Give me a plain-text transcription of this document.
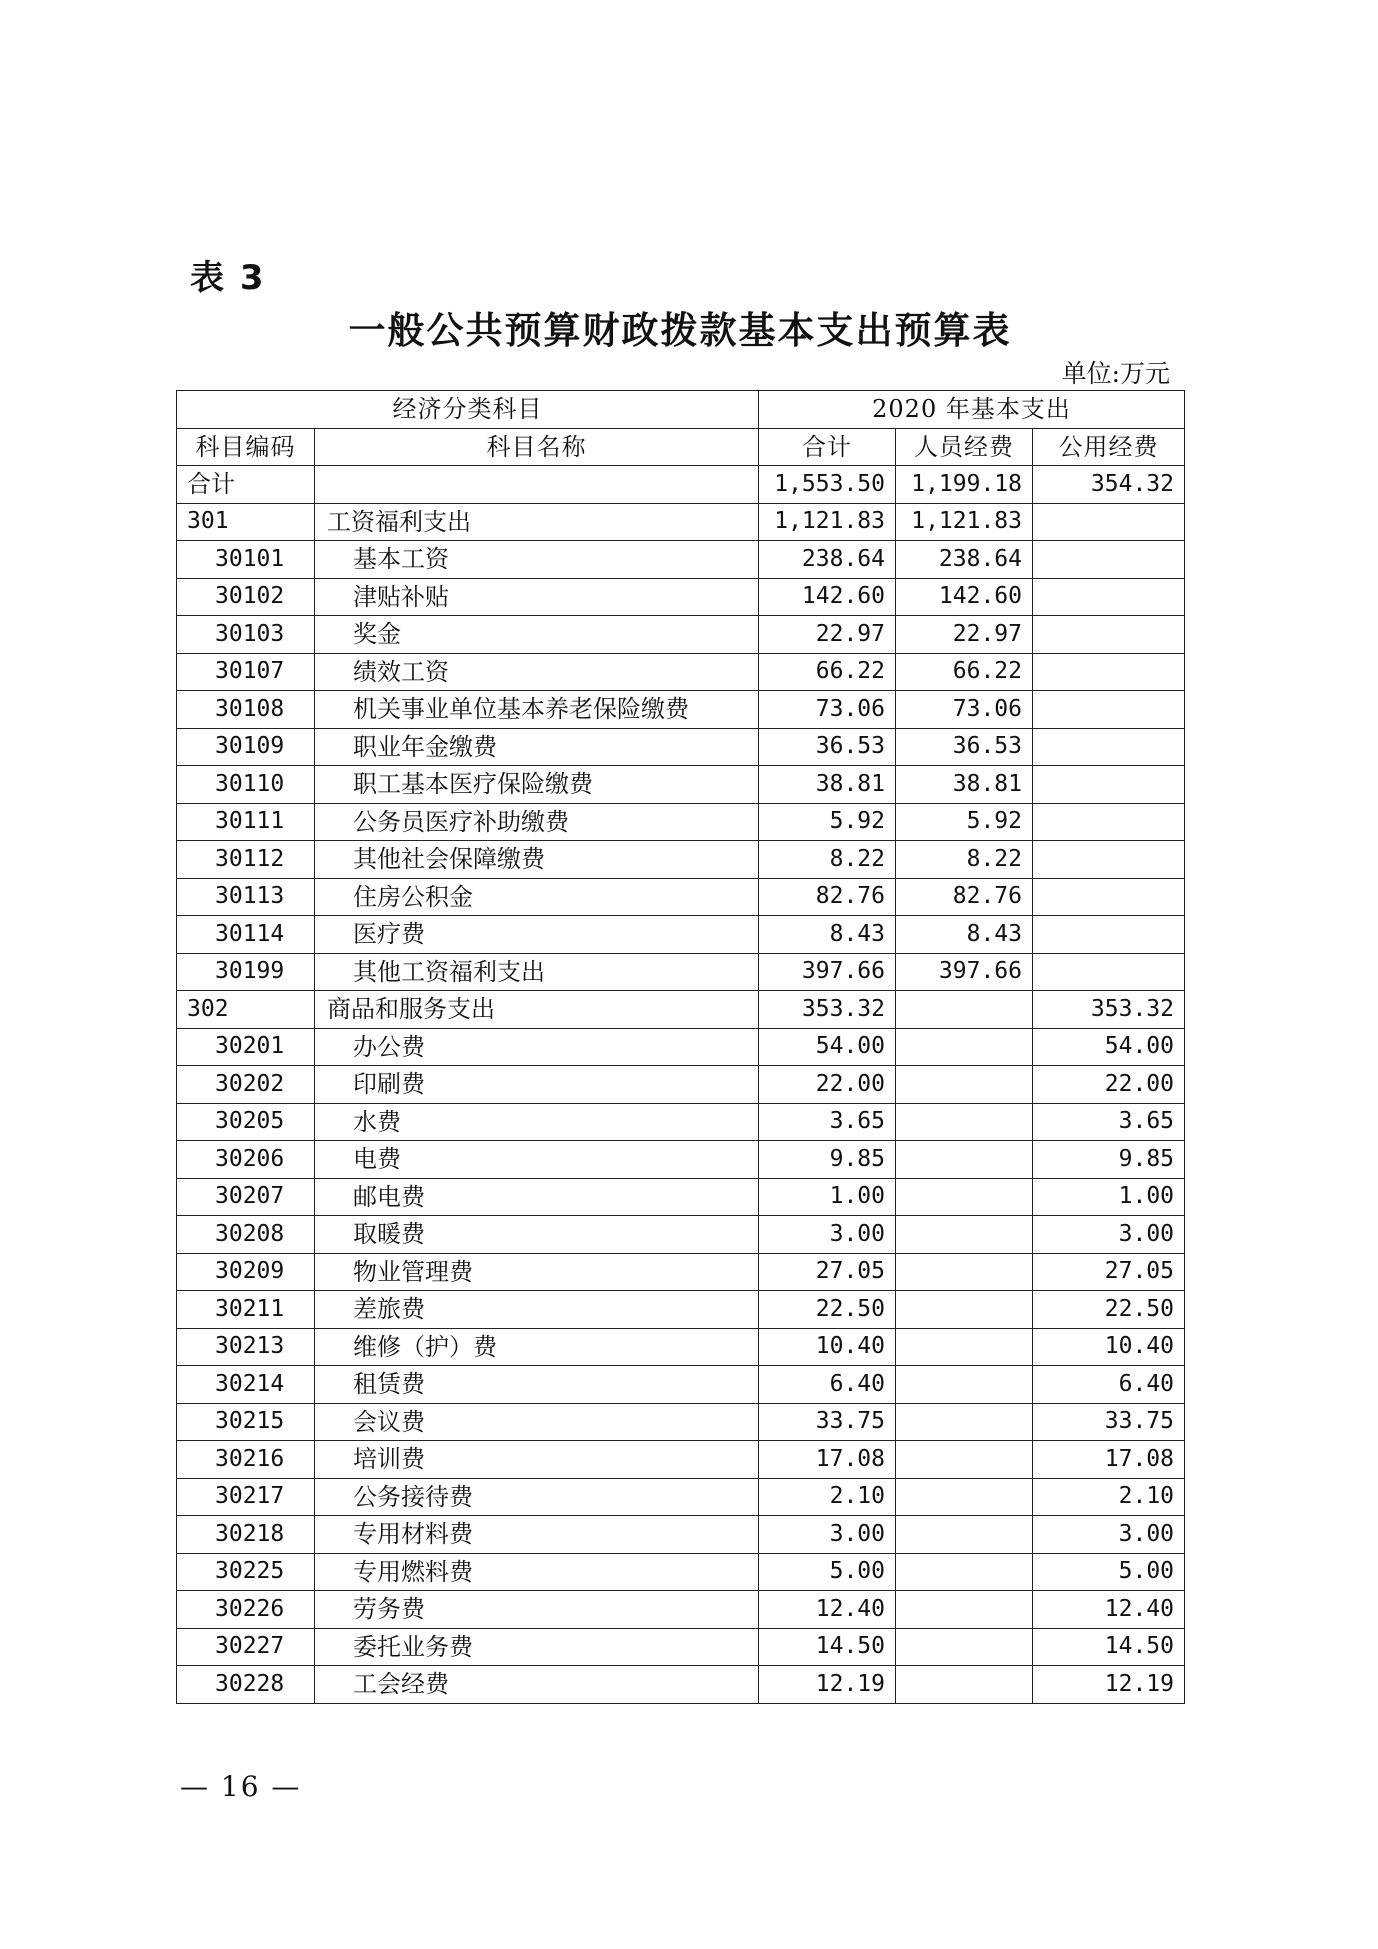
表 3
一般公共预算财政拨款基本支出预算表
单位:万元
经济分类科目		2020 年基本支出		
科目编码	科目名称	合计	人员经费	公用经费
合计		1,553.50	1,199.18	354.32
301	工资福利支出	1,121.83	1,121.83	
30101	基本工资	238.64	238.64	
30102	津贴补贴	142.60	142.60	
30103	奖金	22.97	22.97	
30107	绩效工资	66.22	66.22	
30108	机关事业单位基本养老保险缴费	73.06	73.06	
30109	职业年金缴费	36.53	36.53	
30110	职工基本医疗保险缴费	38.81	38.81	
30111	公务员医疗补助缴费	5.92	5.92	
30112	其他社会保障缴费	8.22	8.22	
30113	住房公积金	82.76	82.76	
30114	医疗费	8.43	8.43	
30199	其他工资福利支出	397.66	397.66	
302	商品和服务支出	353.32		353.32
30201	办公费	54.00		54.00
30202	印刷费	22.00		22.00
30205	水费	3.65		3.65
30206	电费	9.85		9.85
30207	邮电费	1.00		1.00
30208	取暖费	3.00		3.00
30209	物业管理费	27.05		27.05
30211	差旅费	22.50		22.50
30213	维修（护）费	10.40		10.40
30214	租赁费	6.40		6.40
30215	会议费	33.75		33.75
30216	培训费	17.08		17.08
30217	公务接待费	2.10		2.10
30218	专用材料费	3.00		3.00
30225	专用燃料费	5.00		5.00
30226	劳务费	12.40		12.40
30227	委托业务费	14.50		14.50
30228	工会经费	12.19		12.19
— 16 —
